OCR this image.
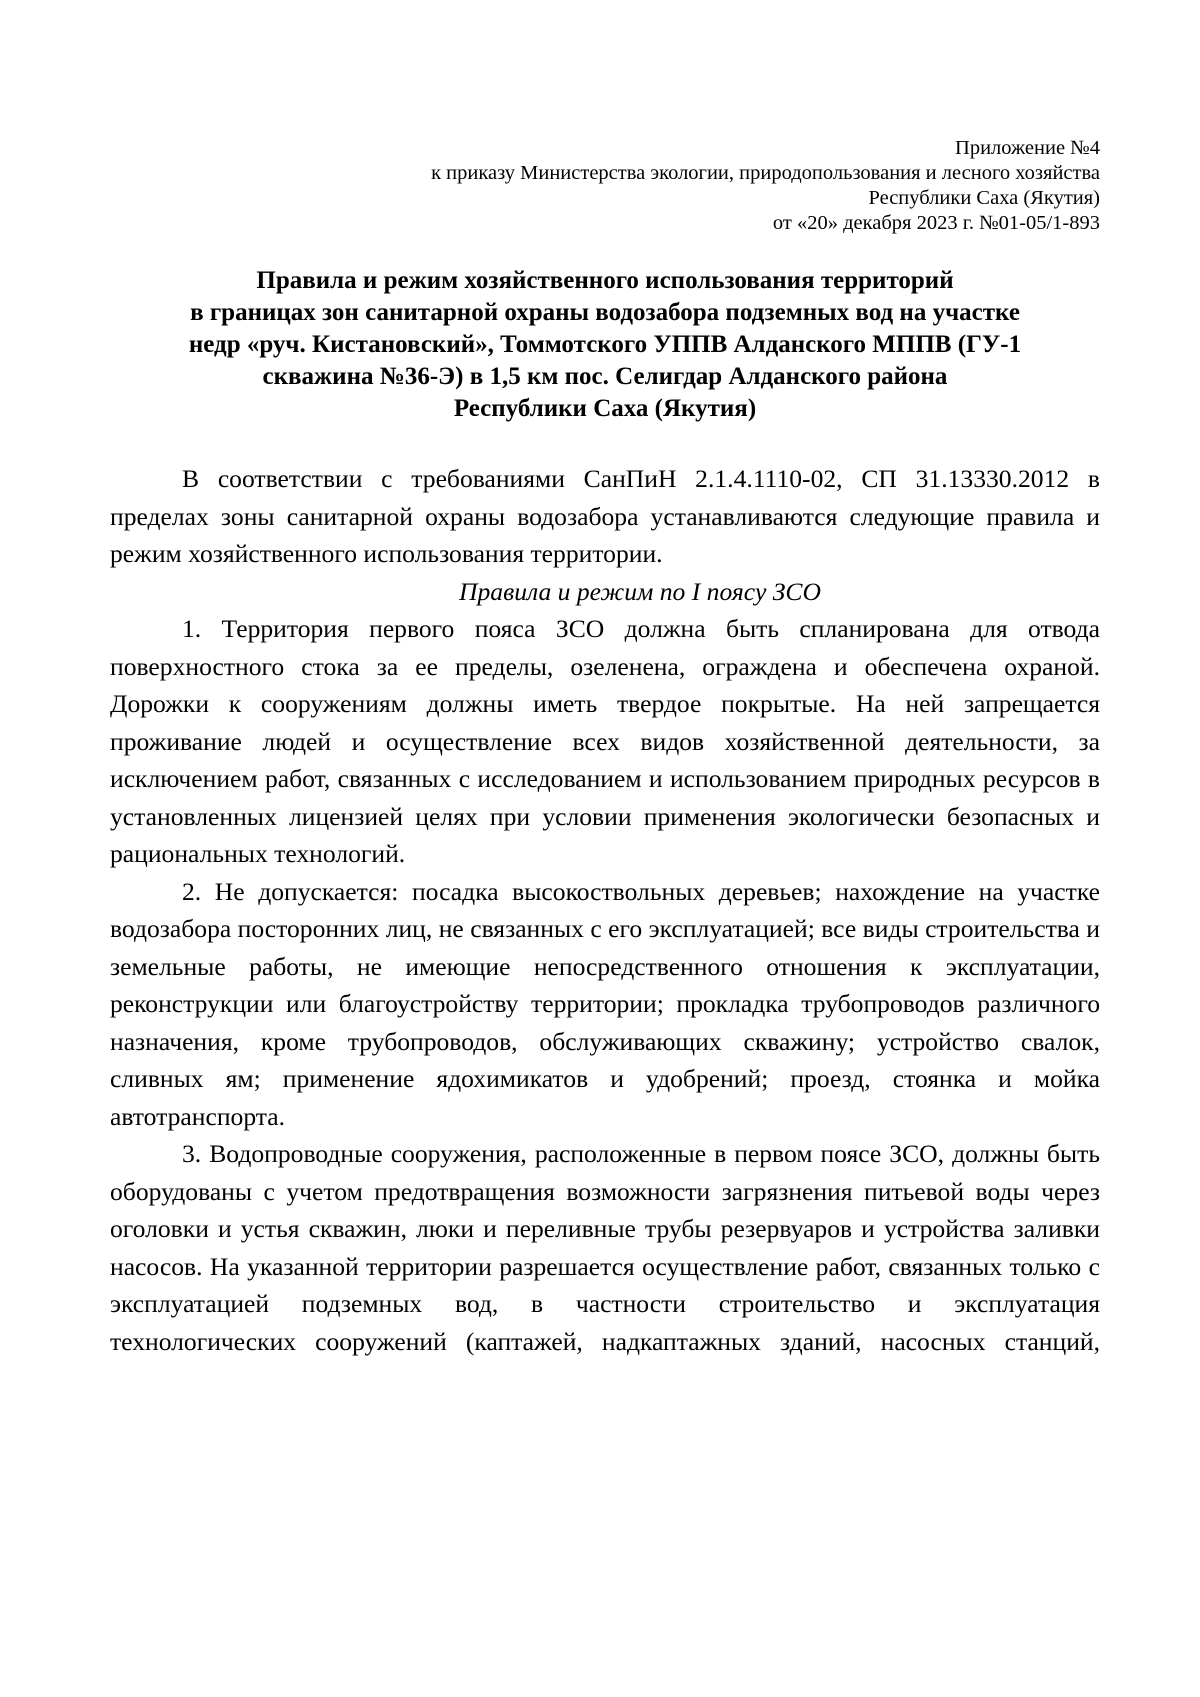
Приложение №4
к приказу Министерства экологии, природопользования и лесного хозяйства
Республики Саха (Якутия)
от «20» декабря 2023 г. №01-05/1-893
Правила и режим хозяйственного использования территорий
в границах зон санитарной охраны водозабора подземных вод на участке
недр «руч. Кистановский», Томмотского УППВ Алданского МППВ (ГУ-1
скважина №36-Э) в 1,5 км пос. Селигдар Алданского района
Республики Саха (Якутия)

В соответствии с требованиями СанПиН 2.1.4.1110-02, СП 31.13330.2012 в пределах зоны санитарной охраны водозабора устанавливаются следующие правила и режим хозяйственного использования территории.

Правила и режим по I поясу ЗСО

1. Территория первого пояса ЗСО должна быть спланирована для отвода поверхностного стока за ее пределы, озеленена, ограждена и обеспечена охраной. Дорожки к сооружениям должны иметь твердое покрытые. На ней запрещается проживание людей и осуществление всех видов хозяйственной деятельности, за исключением работ, связанных с исследованием и использованием природных ресурсов в установленных лицензией целях при условии применения экологически безопасных и рациональных технологий.

2. Не допускается: посадка высокоствольных деревьев; нахождение на участке водозабора посторонних лиц, не связанных с его эксплуатацией; все виды строительства и земельные работы, не имеющие непосредственного отношения к эксплуатации, реконструкции или благоустройству территории; прокладка трубопроводов различного назначения, кроме трубопроводов, обслуживающих скважину; устройство свалок, сливных ям; применение ядохимикатов и удобрений; проезд, стоянка и мойка автотранспорта.

3. Водопроводные сооружения, расположенные в первом поясе ЗСО, должны быть оборудованы с учетом предотвращения возможности загрязнения питьевой воды через оголовки и устья скважин, люки и переливные трубы резервуаров и устройства заливки насосов. На указанной территории разрешается осуществление работ, связанных только с эксплуатацией подземных вод, в частности строительство и эксплуатация технологических сооружений (каптажей, надкаптажных зданий, насосных станций,
